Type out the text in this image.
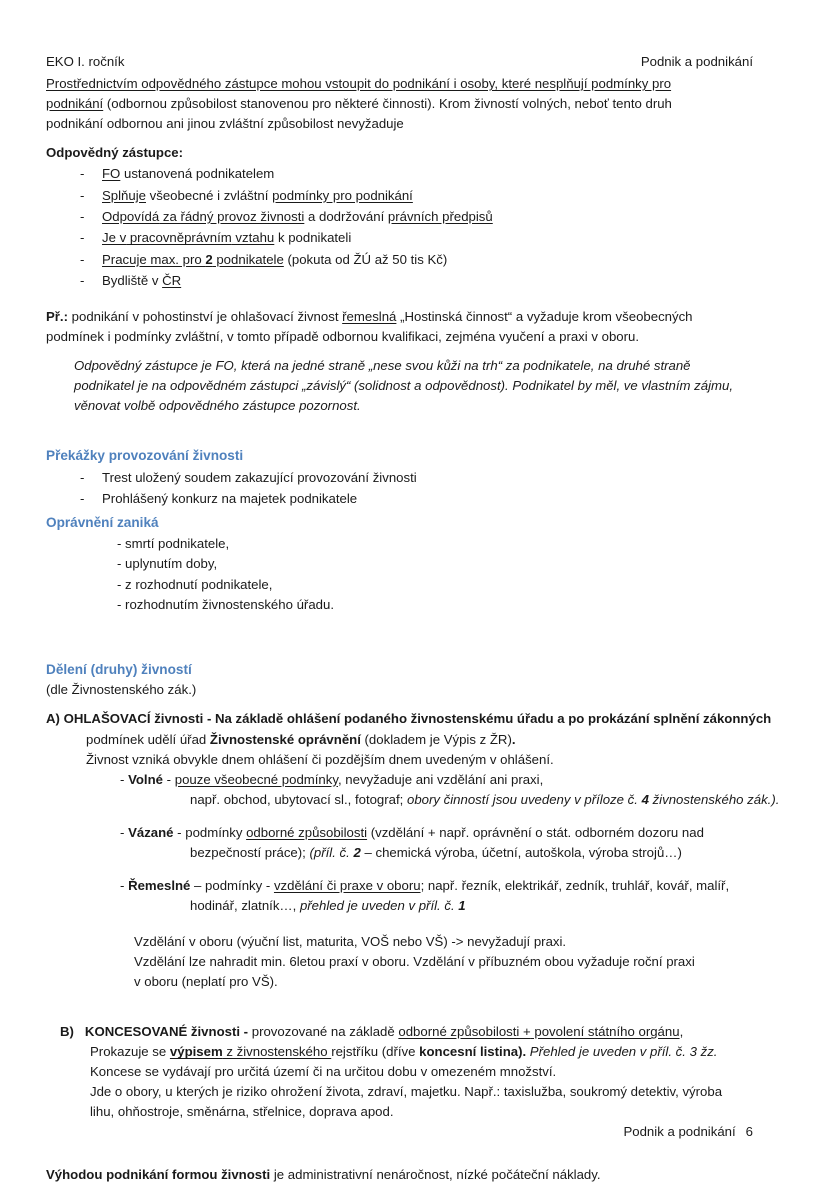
EKO I. ročník	Podnik a podnikání

Prostřednictvím odpovědného zástupce mohou vstoupit do podnikání i osoby, které nesplňují podmínky pro
podnikání (odbornou způsobilost stanovenou pro některé činnosti). Krom živností volných, neboť tento druh
podnikání odbornou ani jinou zvláštní způsobilost nevyžaduje

Odpovědný zástupce:

- FO ustanovená podnikatelem
- Splňuje všeobecné i zvláštní podmínky pro podnikání
- Odpovídá za řádný provoz živnosti a dodržování právních předpisů
- Je v pracovněprávním vztahu k podnikateli
- Pracuje max. pro 2 podnikatele (pokuta od ŽÚ až 50 tis Kč)
- Bydliště v ČR

Př.: podnikání v pohostinství je ohlašovací živnost řemeslná „Hostinská činnost“ a vyžaduje krom všeobecných
podmínek i podmínky zvláštní, v tomto případě odbornou kvalifikaci, zejména vyučení a praxi v oboru.

Odpovědný zástupce je FO, která na jedné straně „nese svou kůži na trh“ za podnikatele, na druhé straně
podnikatel je na odpovědném zástupci „závislý“ (solidnost a odpovědnost). Podnikatel by měl, ve vlastním zájmu,
věnovat volbě odpovědného zástupce pozornost.

Překážky provozování živnosti

- Trest uložený soudem zakazující provozování živnosti
- Prohlášený konkurz na majetek podnikatele

Oprávnění zaniká

- smrtí podnikatele,
- uplynutím doby,
- z rozhodnutí podnikatele,
- rozhodnutím živnostenského úřadu.

Dělení (druhy) živností

(dle Živnostenského zák.)

A) OHLAŠOVACÍ živnosti - Na základě ohlášení podaného živnostenskému úřadu a po prokázání splnění zákonných
podmínek udělí úřad Živnostenské oprávnění (dokladem je Výpis z ŽR).
Živnost vzniká obvykle dnem ohlášení či pozdějším dnem uvedeným v ohlášení.
- Volné - pouze všeobecné podmínky, nevyžaduje ani vzdělání ani praxi,
např. obchod, ubytovací sl., fotograf; obory činností jsou uvedeny v příloze č. 4 živnostenského zák.).
- Vázané - podmínky odborné způsobilosti (vzdělání + např. oprávnění o stát. odborném dozoru nad
bezpečností práce); (příl. č. 2 – chemická výroba, účetní, autoškola, výroba strojů…)
- Řemeslné – podmínky - vzdělání či praxe v oboru; např. řezník, elektrikář, zedník, truhlář, kovář, malíř,
hodinář, zlatník…, přehled je uveden v příl. č. 1
Vzdělání v oboru (výuční list, maturita, VOŠ nebo VŠ) -> nevyžadují praxi.
Vzdělání lze nahradit min. 6letou praxí v oboru. Vzdělání v příbuzném obou vyžaduje roční praxi
v oboru (neplatí pro VŠ).
B) KONCESOVANÉ živnosti - provozované na základě odborné způsobilosti + povolení státního orgánu,
Prokazuje se výpisem z živnostenského rejstříku (dříve koncesní listina). Přehled je uveden v příl. č. 3 žz.
Koncese se vydávají pro určitá území či na určitou dobu v omezeném množství.
Jde o obory, u kterých je riziko ohrožení života, zdraví, majetku. Např.: taxislužba, soukromý detektiv, výroba
lihu, ohňostroje, směnárna, střelnice, doprava apod.

Výhodou podnikání formou živnosti je administrativní nenáročnost, nízké počáteční náklady.

Podnik a podnikání 6
